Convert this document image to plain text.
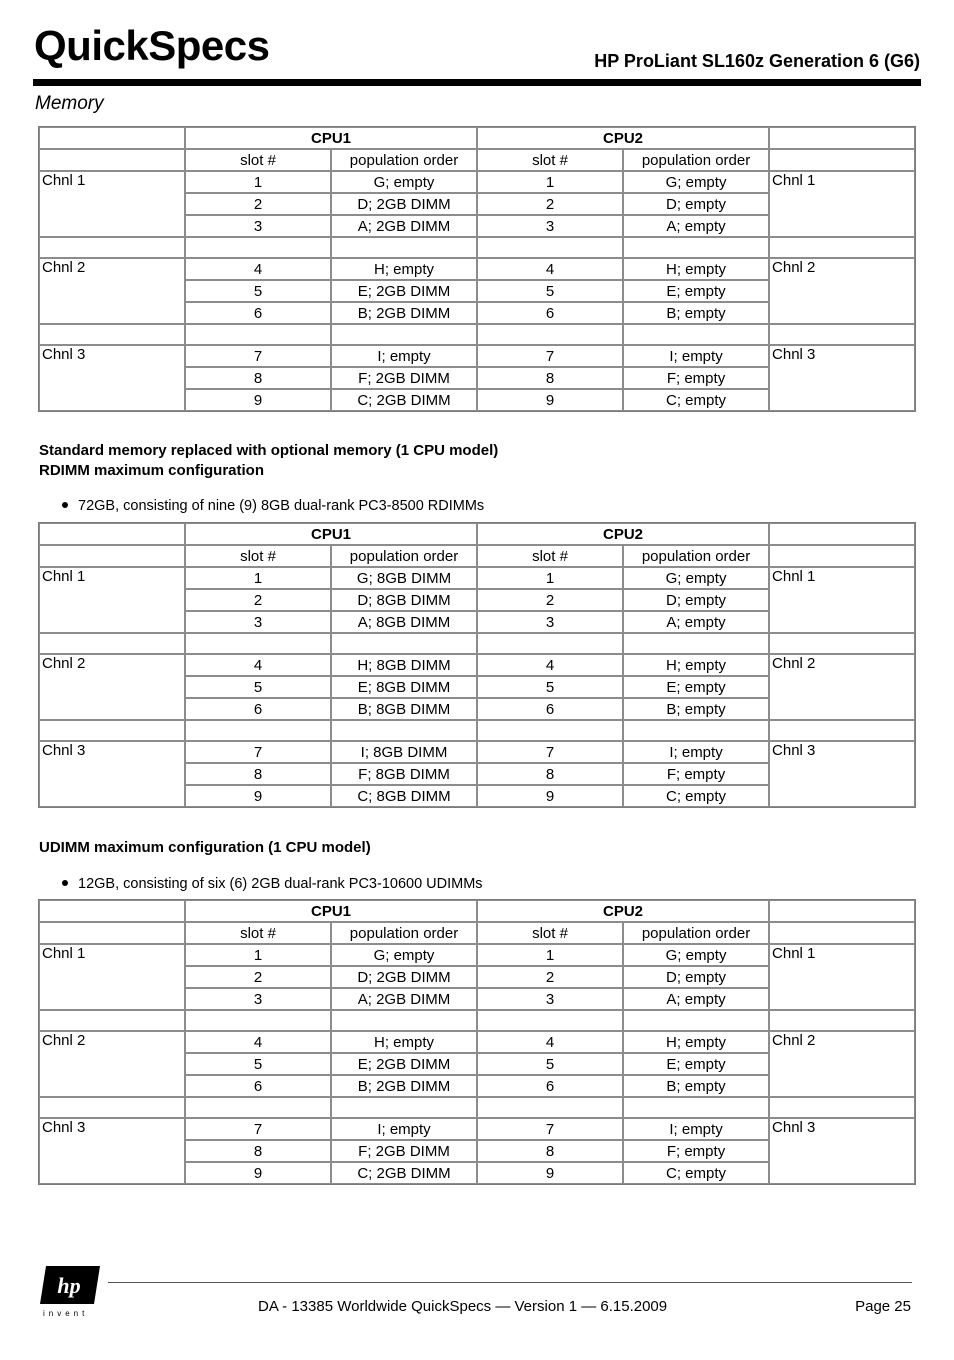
QuickSpecs	HP ProLiant SL160z Generation 6 (G6)
Memory
	CPU1		CPU2		
	slot #	population order	slot #	population order	
Chnl 1	1	G; empty	1	G; empty	Chnl 1
	2	D; 2GB DIMM	2	D; empty	
	3	A; 2GB DIMM	3	A; empty	

Chnl 2	4	H; empty	4	H; empty	Chnl 2
	5	E; 2GB DIMM	5	E; empty	
	6	B; 2GB DIMM	6	B; empty	

Chnl 3	7	I; empty	7	I; empty	Chnl 3
	8	F; 2GB DIMM	8	F; empty	
	9	C; 2GB DIMM	9	C; empty	
Standard memory replaced with optional memory (1 CPU model)
RDIMM maximum configuration
72GB, consisting of nine (9) 8GB dual-rank PC3-8500 RDIMMs
	CPU1		CPU2		
	slot #	population order	slot #	population order	
Chnl 1	1	G; 8GB DIMM	1	G; empty	Chnl 1
	2	D; 8GB DIMM	2	D; empty	
	3	A; 8GB DIMM	3	A; empty	

Chnl 2	4	H; 8GB DIMM	4	H; empty	Chnl 2
	5	E; 8GB DIMM	5	E; empty	
	6	B; 8GB DIMM	6	B; empty	

Chnl 3	7	I; 8GB DIMM	7	I; empty	Chnl 3
	8	F; 8GB DIMM	8	F; empty	
	9	C; 8GB DIMM	9	C; empty	
UDIMM maximum configuration (1 CPU model)
12GB, consisting of six (6) 2GB dual-rank PC3-10600 UDIMMs
	CPU1		CPU2		
	slot #	population order	slot #	population order	
Chnl 1	1	G; empty	1	G; empty	Chnl 1
	2	D; 2GB DIMM	2	D; empty	
	3	A; 2GB DIMM	3	A; empty	

Chnl 2	4	H; empty	4	H; empty	Chnl 2
	5	E; 2GB DIMM	5	E; empty	
	6	B; 2GB DIMM	6	B; empty	

Chnl 3	7	I; empty	7	I; empty	Chnl 3
	8	F; 2GB DIMM	8	F; empty	
	9	C; 2GB DIMM	9	C; empty	
hp
invent	DA - 13385 Worldwide QuickSpecs — Version 1 — 6.15.2009	Page 25
